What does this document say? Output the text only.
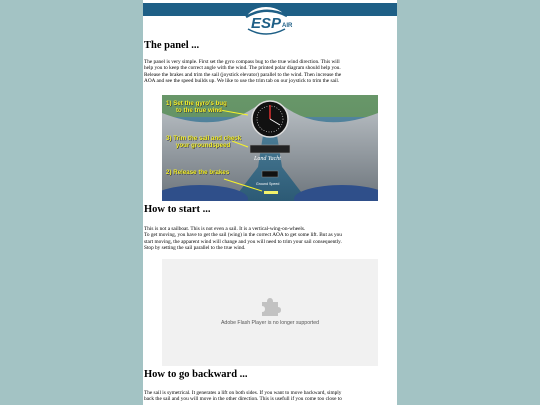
ESP AIR
The panel ...
The panel is very simple. First set the gyro compass bug to the true wind direction. This will
help you to keep the correct angle with the wind. The printed polar diagram should help you.
Release the brakes and trim the sail (joystick elevator) parallel to the wind. Then increase the
AOA and see the speed builds up. We like to use the trim tab on our joystick to trim the sail.
1) Set the gyro's bug
to the true wind
3) Trim the sail and check
your groundspeed
2) Release the brakes
Land Yacht
Ground Speed
How to start ...
This is not a sailboat. This is not even a sail. It is a vertical-wing-on-wheels.
To get moving, you have to get the sail (wing) in the correct AOA to get some lift. But as you
start moving, the apparent wind will change and you will need to trim your sail consequently.
Stop by setting the sail parallel to the true wind.
Adobe Flash Player is no longer supported
How to go backward ...
The sail is symetrical. It generates a lift on both sides. If you want to move backward, simply
back the sail and you will move in the other direction. This is usefull if you come too close to
